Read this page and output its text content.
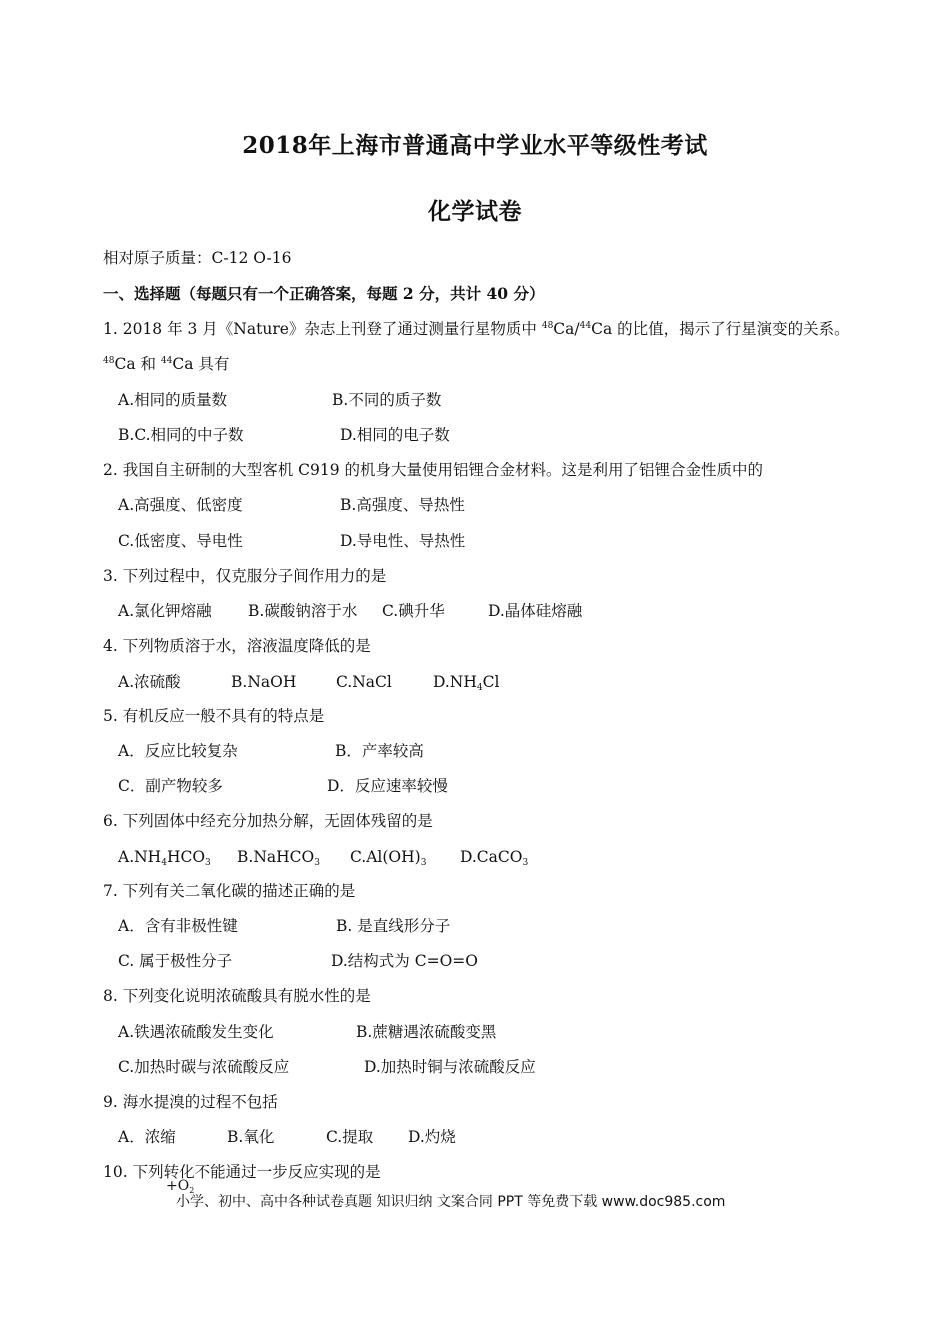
2018年上海市普通高中学业水平等级性考试
化学试卷
相对原子质量：C-12 O-16
一、选择题（每题只有一个正确答案，每题 2 分，共计 40 分）
1. 2018 年 3 月《Nature》杂志上刊登了通过测量行星物质中 $^{48}$Ca/$^{44}$Ca 的比值，揭示了行星演变的关系。
$^{48}$Ca 和 $^{44}$Ca 具有
A.相同的质量数	B.不同的质子数
B.C.相同的中子数	D.相同的电子数
2. 我国自主研制的大型客机 C919 的机身大量使用铝锂合金材料。这是利用了铝锂合金性质中的
A.高强度、低密度	B.高强度、导热性
C.低密度、导电性	D.导电性、导热性
3. 下列过程中，仅克服分子间作用力的是
A.氯化钾熔融 B.碳酸钠溶于水 C.碘升华	D.晶体硅熔融
4. 下列物质溶于水，溶液温度降低的是
A.浓硫酸	B.NaOH	C.NaCl	$D.NH_4Cl$
5. 有机反应一般不具有的特点是
A．反应比较复杂	B．产率较高
C．副产物较多	D．反应速率较慢
6. 下列固体中经充分加热分解，无固体残留的是
$A.NH_4HCO_3$ B.NaHCO$_3$ $C.Al(OH)_3$ D.CaCO$_3$
7. 下列有关二氧化碳的描述正确的是
A．含有非极性键	B. 是直线形分子
C. 属于极性分子	D.结构式为 C=O=O
8. 下列变化说明浓硫酸具有脱水性的是
A.铁遇浓硫酸发生变化	B.蔗糖遇浓硫酸变黑
C.加热时碳与浓硫酸反应	D.加热时铜与浓硫酸反应
9. 海水提溴的过程不包括
A．浓缩	B.氧化	C.提取 D.灼烧
10. 下列转化不能通过一步反应实现的是
$+O_2$
小学、初中、高中各种试卷真题 知识归纳 文案合同 PPT 等免费下载 www.doc985.com
